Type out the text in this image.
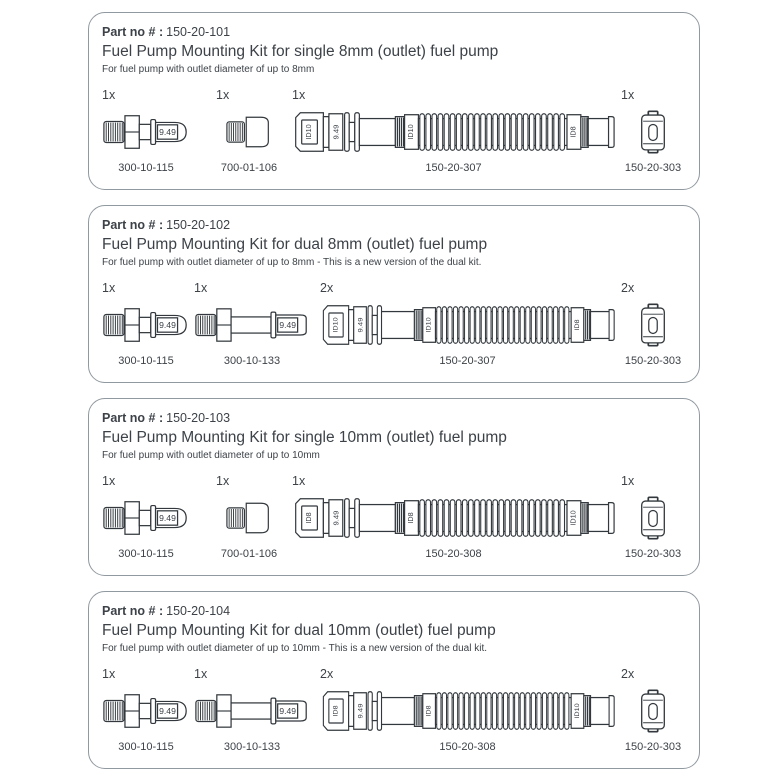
Part no # : 150-20-101
Fuel Pump Mounting Kit for single 8mm (outlet) fuel pump
For fuel pump with outlet diameter of up to 8mm
1x
9.49
300-10-115
1x
700-01-106
1x
ID10 9.49	ID10	ID8
150-20-307
1x
150-20-303
Part no # : 150-20-102
Fuel Pump Mounting Kit for dual 8mm (outlet) fuel pump
For fuel pump with outlet diameter of up to 8mm - This is a new version of the dual kit.
1x
9.49
300-10-115
1x
9.49
300-10-133
2x
ID10 9.49	ID10	ID8
150-20-307
2x
150-20-303
Part no # : 150-20-103
Fuel Pump Mounting Kit for single 10mm (outlet) fuel pump
For fuel pump with outlet diameter of up to 10mm
1x
9.49
300-10-115
1x
700-01-106
1x
ID8 9.49	ID8	ID10
150-20-308
1x
150-20-303
Part no # : 150-20-104
Fuel Pump Mounting Kit for dual 10mm (outlet) fuel pump
For fuel pump with outlet diameter of up to 10mm - This is a new version of the dual kit.
1x
9.49
300-10-115
1x
9.49
300-10-133
2x
ID8 9.49	ID8	ID10
150-20-308
2x
150-20-303
